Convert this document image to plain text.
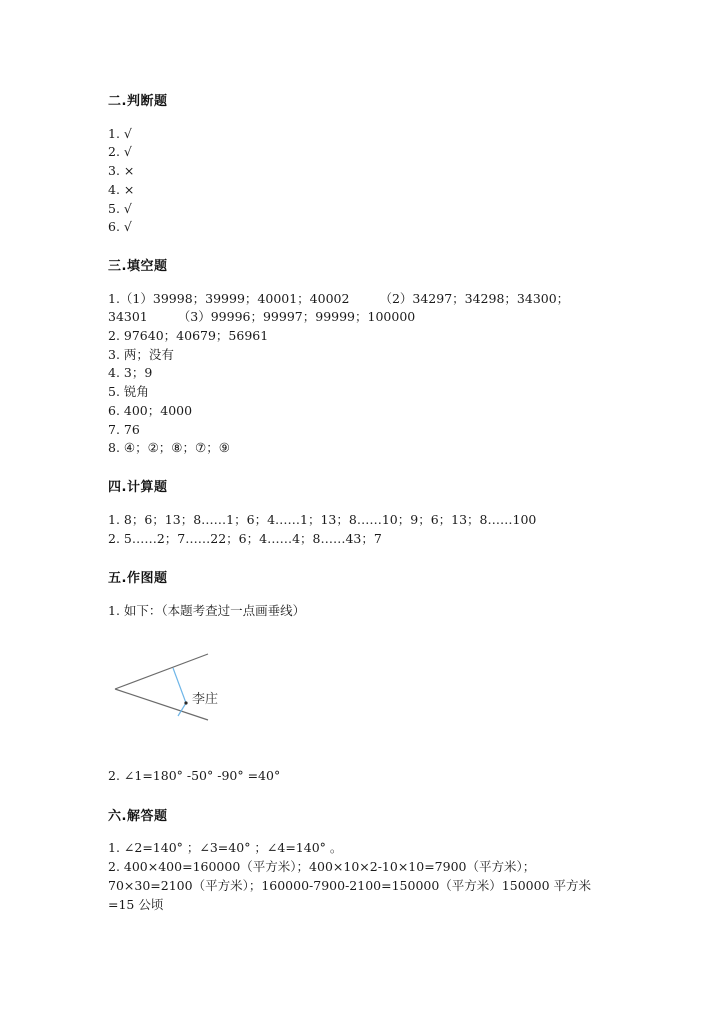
二.判断题
1. √
2. √
3. ×
4. ×
5. √
6. √
三.填空题
1.（1）39998；39999；40001；40002 （2）34297；34298；34300；
34301 （3）99996；99997；99999；100000
2. 97640；40679；56961
3. 两；没有
4. 3；9
5. 锐角
6. 400；4000
7. 76
8. ④；②；⑧；⑦；⑨
四.计算题
1. 8；6；13；8……1；6；4……1；13；8……10；9；6；13；8……100
2. 5……2；7……22；6；4……4；8……43；7
五.作图题
1. 如下：（本题考查过一点画垂线）
李庄
2. ∠1=180° -50° -90° =40°
六.解答题
1. ∠2=140° ；∠3=40° ；∠4=140° 。
2. 400×400=160000（平方米）；400×10×2-10×10=7900（平方米）；
70×30=2100（平方米）；160000-7900-2100=150000（平方米）150000 平方米
=15 公顷
